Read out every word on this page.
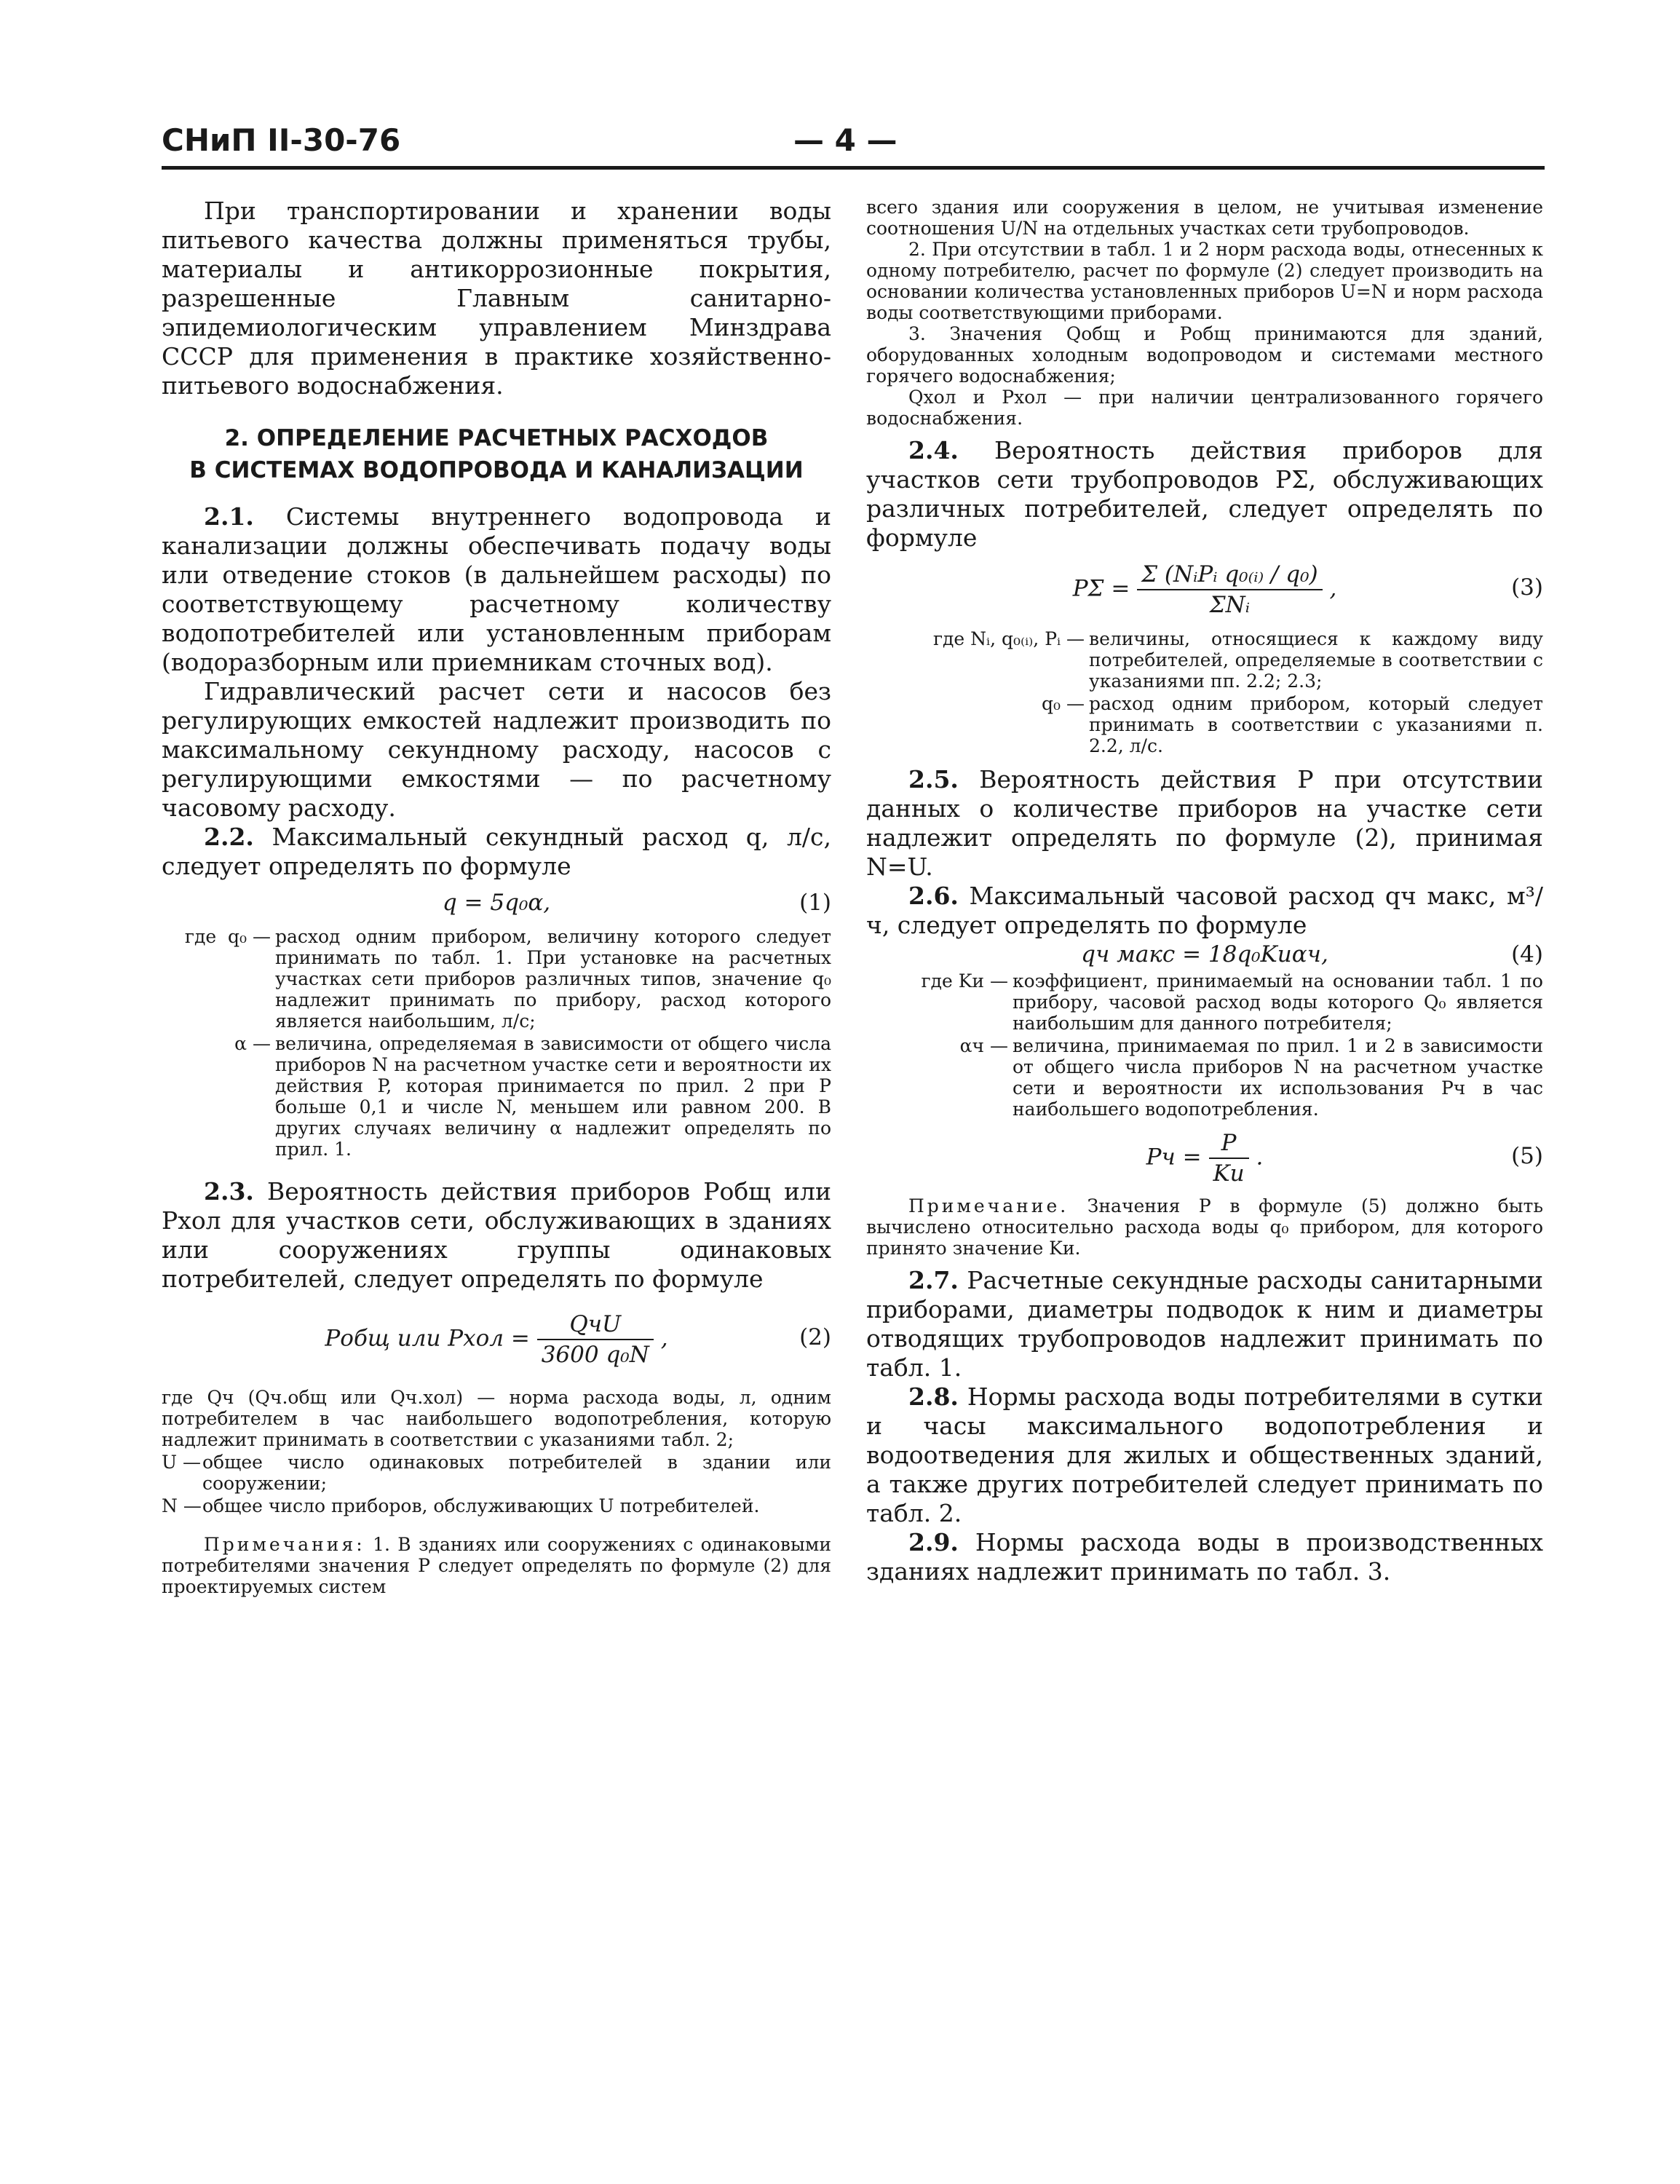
СНиП II-30-76	— 4 —

При транспортировании и хранении воды питьевого качества должны применяться трубы, материалы и антикоррозионные покрытия, разрешенные Главным санитарно-эпидемиологическим управлением Минздрава СССР для применения в практике хозяйственно-питьевого водоснабжения.

2. ОПРЕДЕЛЕНИЕ РАСЧЕТНЫХ РАСХОДОВ
В СИСТЕМАХ ВОДОПРОВОДА И КАНАЛИЗАЦИИ

2.1. Системы внутреннего водопровода и канализации должны обеспечивать подачу воды или отведение стоков (в дальнейшем расходы) по соответствующему расчетному количеству водопотребителей или установленным приборам (водоразборным или приемникам сточных вод).

Гидравлический расчет сети и насосов без регулирующих емкостей надлежит производить по максимальному секундному расходу, насосов с регулирующими емкостями — по расчетному часовому расходу.

2.2. Максимальный секундный расход q, л/с, следует определять по формуле

q = 5q₀α,	(1)
где  q₀ — расход одним прибором, величину которого следует принимать по табл. 1. При установке на расчетных участках сети приборов различных типов, значение q₀ надлежит принимать по прибору, расход которого является наибольшим, л/с;
α — величина, определяемая в зависимости от общего числа приборов N на расчетном участке сети и вероятности их действия P, которая принимается по прил. 2 при P больше 0,1 и числе N, меньшем или равном 200. В других случаях величину α надлежит определять по прил. 1.

2.3. Вероятность действия приборов Pобщ или Pхол для участков сети, обслуживающих в зданиях или сооружениях группы одинаковых потребителей, следует определять по формуле

Pобщ или Pхол = $\frac{\text{QчU}}{\text{3600 q₀N}}$ ,	(2)
где Qч (Qч.общ или Qч.хол) — норма расхода воды, л, одним потребителем в час наибольшего водопотребления, которую надлежит принимать в соответствии с указаниями табл. 2;
U — общее число одинаковых потребителей в здании или сооружении;
N — общее число приборов, обслуживающих U потребителей.

Примечания: 1. В зданиях или сооружениях с одинаковыми потребителями значения P следует определять по формуле (2) для проектируемых систем

всего здания или сооружения в целом, не учитывая изменение соотношения U/N на отдельных участках сети трубопроводов.

2. При отсутствии в табл. 1 и 2 норм расхода воды, отнесенных к одному потребителю, расчет по формуле (2) следует производить на основании количества установленных приборов U=N и норм расхода воды соответствующими приборами.

3. Значения Qобщ и Pобщ принимаются для зданий, оборудованных холодным водопроводом и системами местного горячего водоснабжения;

Qхол и Pхол — при наличии централизованного горячего водоснабжения.

2.4. Вероятность действия приборов для участков сети трубопроводов PΣ, обслуживающих различных потребителей, следует определять по формуле

$P\Sigma = \frac{\text{Σ (NᵢPᵢ q₀₍ᵢ₎ / q₀)}}{\text{ΣNᵢ}}$ ,	(3)
где Nᵢ, q₀₍ᵢ₎, Pᵢ — величины, относящиеся к каждому виду потребителей, определяемые в соответствии с указаниями пп. 2.2; 2.3;
q₀ — расход одним прибором, который следует принимать в соответствии с указаниями п. 2.2, л/с.

2.5. Вероятность действия P при отсутствии данных о количестве приборов на участке сети надлежит определять по формуле (2), принимая N=U.

2.6. Максимальный часовой расход qч макс, м³/ч, следует определять по формуле

qч макс = 18q₀Kиαч,	(4)
где Kи — коэффициент, принимаемый на основании табл. 1 по прибору, часовой расход воды которого Q₀ является наибольшим для данного потребителя;
αч — величина, принимаемая по прил. 1 и 2 в зависимости от общего числа приборов N на расчетном участке сети и вероятности их использования Pч в час наибольшего водопотребления.
Pч = $\frac{P}{Kи}$ .	(5)

Примечание. Значения P в формуле (5) должно быть вычислено относительно расхода воды q₀ прибором, для которого принято значение Kи.

2.7. Расчетные секундные расходы санитарными приборами, диаметры подводок к ним и диаметры отводящих трубопроводов надлежит принимать по табл. 1.

2.8. Нормы расхода воды потребителями в сутки и часы максимального водопотребления и водоотведения для жилых и общественных зданий, а также других потребителей следует принимать по табл. 2.

2.9. Нормы расхода воды в производственных зданиях надлежит принимать по табл. 3.
